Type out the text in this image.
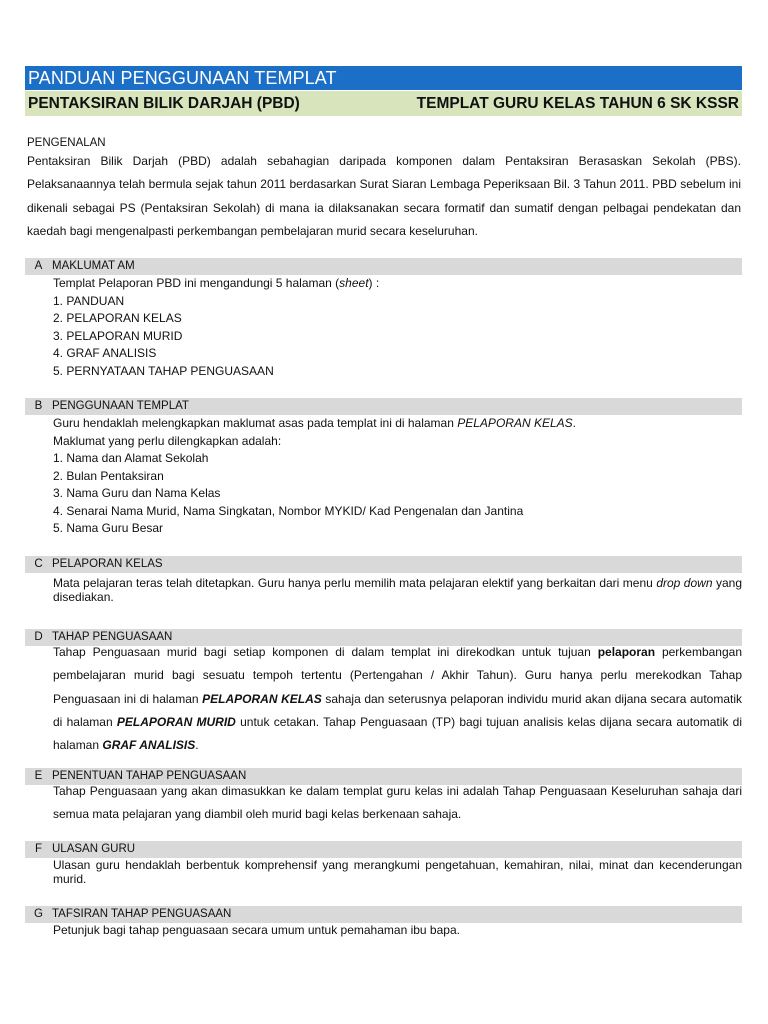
PANDUAN PENGGUNAAN TEMPLAT
PENTAKSIRAN BILIK DARJAH (PBD)	TEMPLAT GURU KELAS TAHUN 6 SK KSSR
PENGENALAN
Pentaksiran Bilik Darjah (PBD) adalah sebahagian daripada komponen dalam Pentaksiran Berasaskan Sekolah (PBS). Pelaksanaannya telah bermula sejak tahun 2011 berdasarkan Surat Siaran Lembaga Peperiksaan Bil. 3 Tahun 2011. PBD sebelum ini dikenali sebagai PS (Pentaksiran Sekolah) di mana ia dilaksanakan secara formatif dan sumatif dengan pelbagai pendekatan dan kaedah bagi mengenalpasti perkembangan pembelajaran murid secara keseluruhan.
A MAKLUMAT AM
Templat Pelaporan PBD ini mengandungi 5 halaman (sheet) :
1. PANDUAN
2. PELAPORAN KELAS
3. PELAPORAN MURID
4. GRAF ANALISIS
5. PERNYATAAN TAHAP PENGUASAAN
B PENGGUNAAN TEMPLAT
Guru hendaklah melengkapkan maklumat asas pada templat ini di halaman PELAPORAN KELAS.
Maklumat yang perlu dilengkapkan adalah:
1. Nama dan Alamat Sekolah
2. Bulan Pentaksiran
3. Nama Guru dan Nama Kelas
4. Senarai Nama Murid, Nama Singkatan, Nombor MYKID/ Kad Pengenalan dan Jantina
5. Nama Guru Besar
C PELAPORAN KELAS
Mata pelajaran teras telah ditetapkan. Guru hanya perlu memilih mata pelajaran elektif yang berkaitan dari menu drop down yang disediakan.
D TAHAP PENGUASAAN
Tahap Penguasaan murid bagi setiap komponen di dalam templat ini direkodkan untuk tujuan pelaporan perkembangan pembelajaran murid bagi sesuatu tempoh tertentu (Pertengahan / Akhir Tahun). Guru hanya perlu merekodkan Tahap Penguasaan ini di halaman PELAPORAN KELAS sahaja dan seterusnya pelaporan individu murid akan dijana secara automatik di halaman PELAPORAN MURID untuk cetakan. Tahap Penguasaan (TP) bagi tujuan analisis kelas dijana secara automatik di halaman GRAF ANALISIS.
E PENENTUAN TAHAP PENGUASAAN
Tahap Penguasaan yang akan dimasukkan ke dalam templat guru kelas ini adalah Tahap Penguasaan Keseluruhan sahaja dari semua mata pelajaran yang diambil oleh murid bagi kelas berkenaan sahaja.
F ULASAN GURU
Ulasan guru hendaklah berbentuk komprehensif yang merangkumi pengetahuan, kemahiran, nilai, minat dan kecenderungan murid.
G TAFSIRAN TAHAP PENGUASAAN
Petunjuk bagi tahap penguasaan secara umum untuk pemahaman ibu bapa.
